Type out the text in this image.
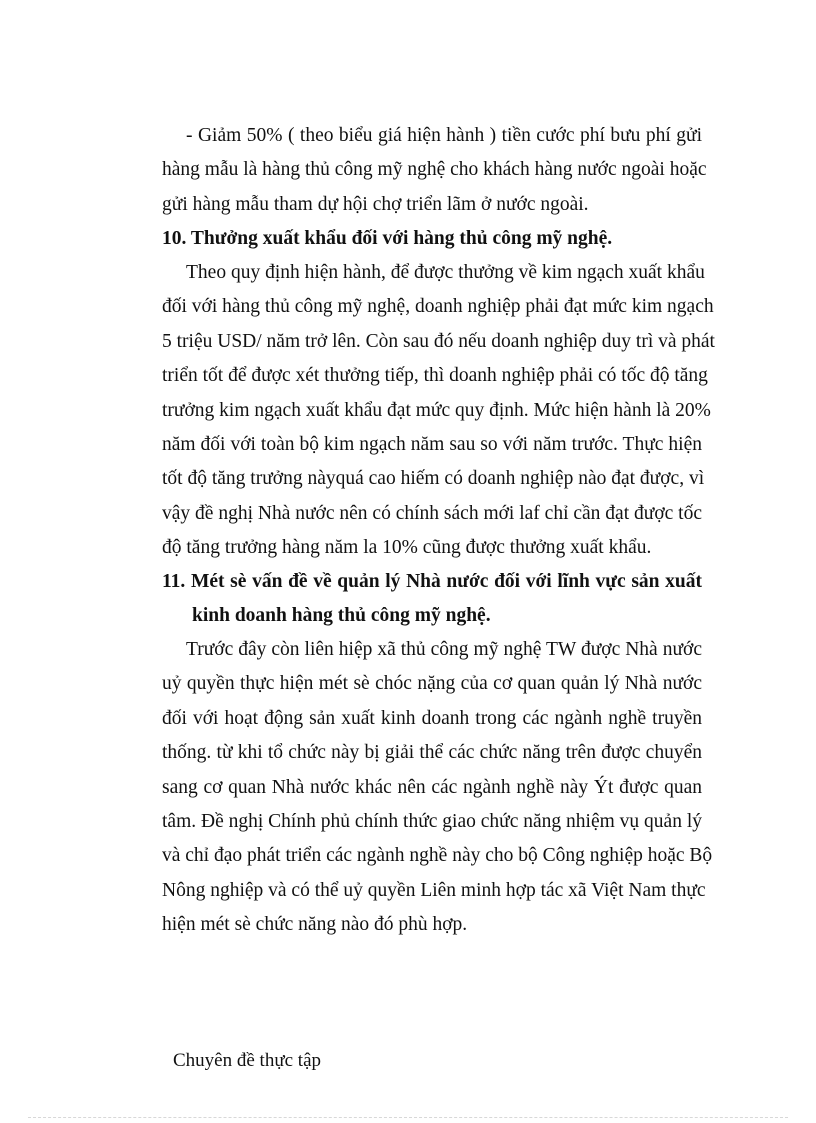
- Giảm 50% ( theo biểu giá hiện hành ) tiền cước phí bưu phí gửi
hàng mẫu là hàng thủ công mỹ nghệ cho khách hàng nước ngoài hoặc
gửi hàng mẫu tham dự hội chợ triển lãm ở nước ngoài.
10. Thưởng xuất khẩu đối với hàng thủ công mỹ nghệ.
Theo quy định hiện hành, để được thưởng về kim ngạch xuất khẩu
đối với hàng thủ công mỹ nghệ, doanh nghiệp phải đạt mức kim ngạch
5 triệu USD/ năm trở lên. Còn sau đó nếu doanh nghiệp duy trì và phát
triển tốt để được xét thưởng tiếp, thì doanh nghiệp phải có tốc độ tăng
trưởng kim ngạch xuất khẩu đạt mức quy định. Mức hiện hành là 20%
năm đối với toàn bộ kim ngạch năm sau so với năm trước. Thực hiện
tốt độ tăng trưởng nàyquá cao hiếm có doanh nghiệp nào đạt được, vì
vậy đề nghị Nhà nước nên có chính sách mới laf chỉ cần đạt được tốc
độ tăng trưởng hàng năm la 10% cũng được thưởng xuất khẩu.
11. Mét sè vấn đề về quản lý Nhà nước đối với lĩnh vực sản xuất
kinh doanh hàng thủ công mỹ nghệ.
Trước đây còn liên hiệp xã thủ công mỹ nghệ TW được Nhà nước
uỷ quyền thực hiện mét sè chóc nặng của cơ quan quản lý Nhà nước
đối với hoạt động sản xuất kinh doanh trong các ngành nghề truyền
thống. từ khi tổ chức này bị giải thể các chức năng trên được chuyển
sang cơ quan Nhà nước khác nên các ngành nghề này Ýt được quan
tâm. Đề nghị Chính phủ chính thức giao chức năng nhiệm vụ quản lý
và chỉ đạo phát triển các ngành nghề này cho bộ Công nghiệp hoặc Bộ
Nông nghiệp và có thể uỷ quyền Liên minh hợp tác xã Việt Nam thực
hiện mét sè chức năng nào đó phù hợp.
Chuyên đề thực tập
